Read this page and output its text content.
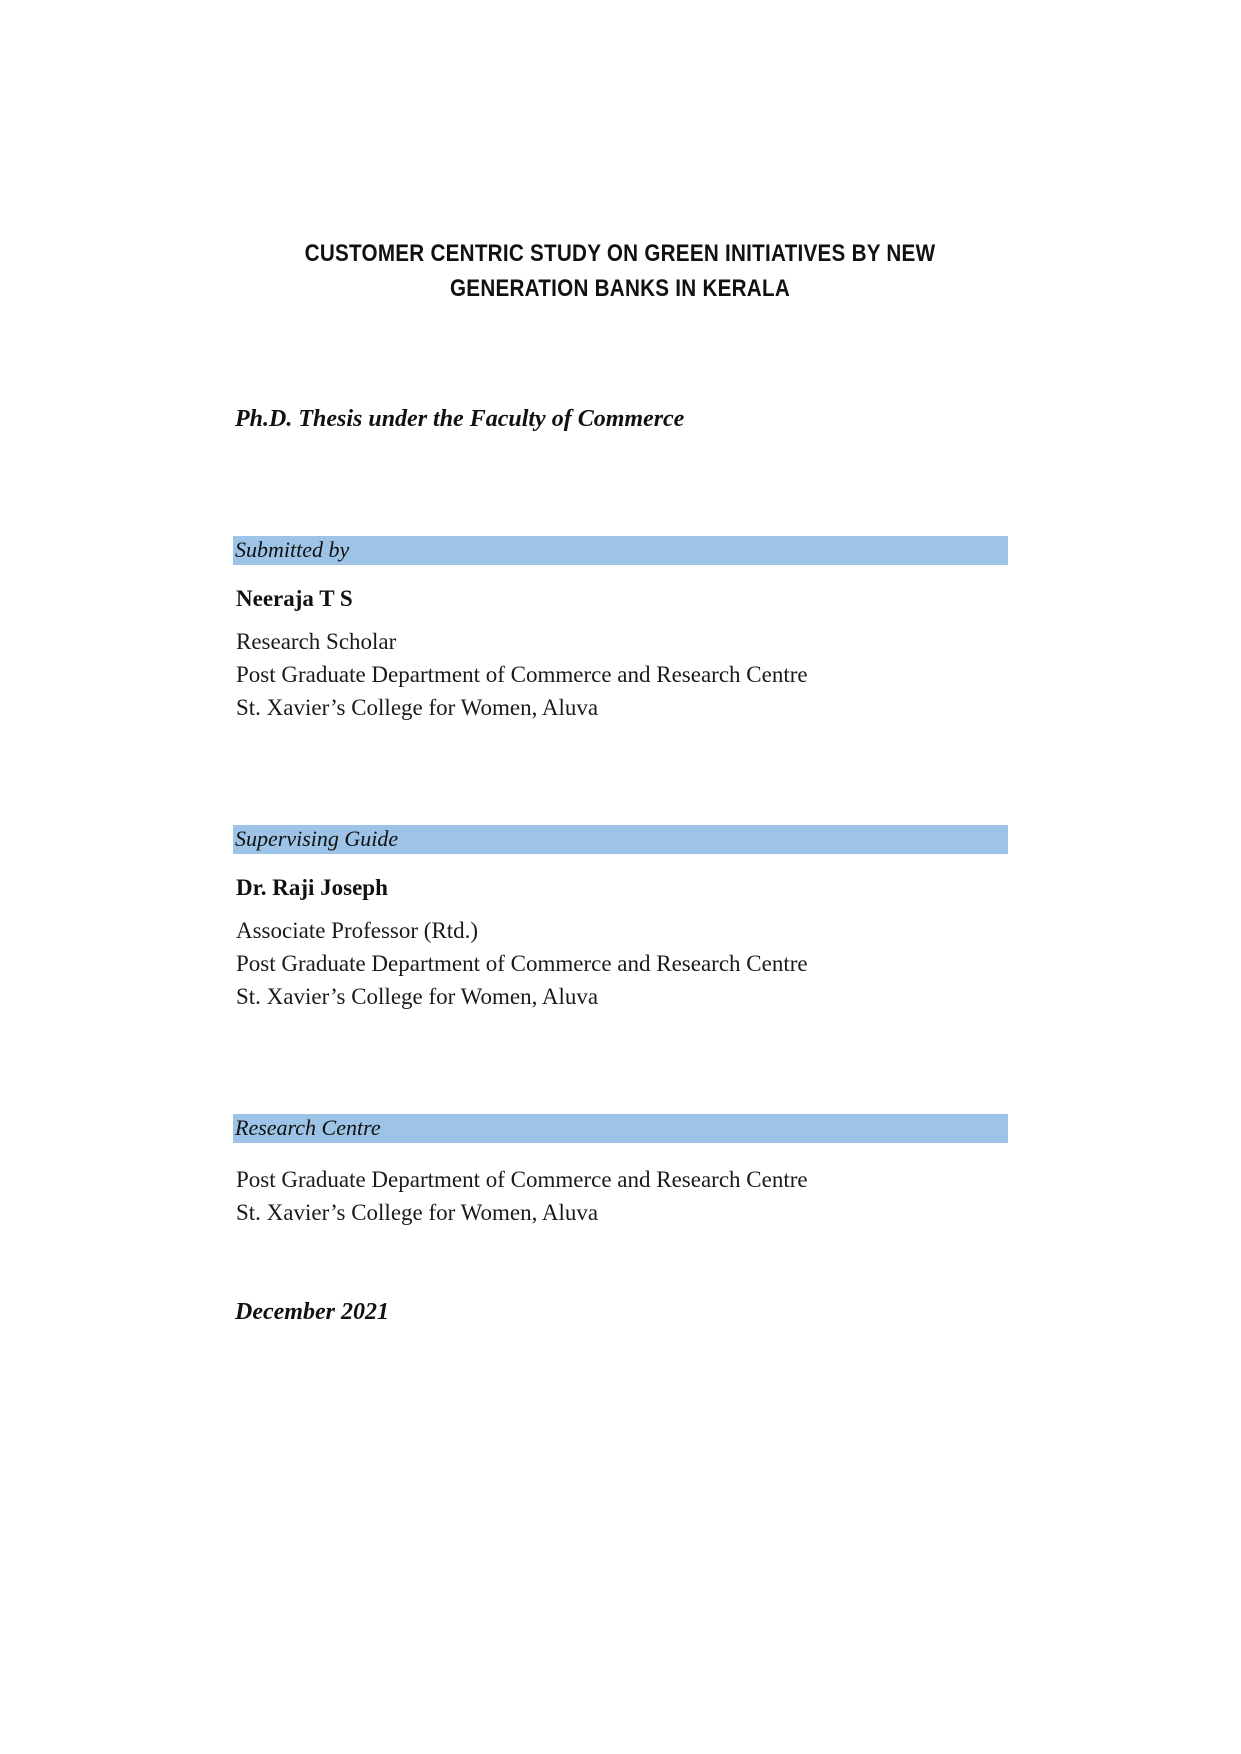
CUSTOMER CENTRIC STUDY ON GREEN INITIATIVES BY NEW
GENERATION BANKS IN KERALA
Ph.D. Thesis under the Faculty of Commerce
Submitted by
Neeraja T S
Research Scholar
Post Graduate Department of Commerce and Research Centre
St. Xavier’s College for Women, Aluva
Supervising Guide
Dr. Raji Joseph
Associate Professor (Rtd.)
Post Graduate Department of Commerce and Research Centre
St. Xavier’s College for Women, Aluva
Research Centre
Post Graduate Department of Commerce and Research Centre
St. Xavier’s College for Women, Aluva
December 2021
